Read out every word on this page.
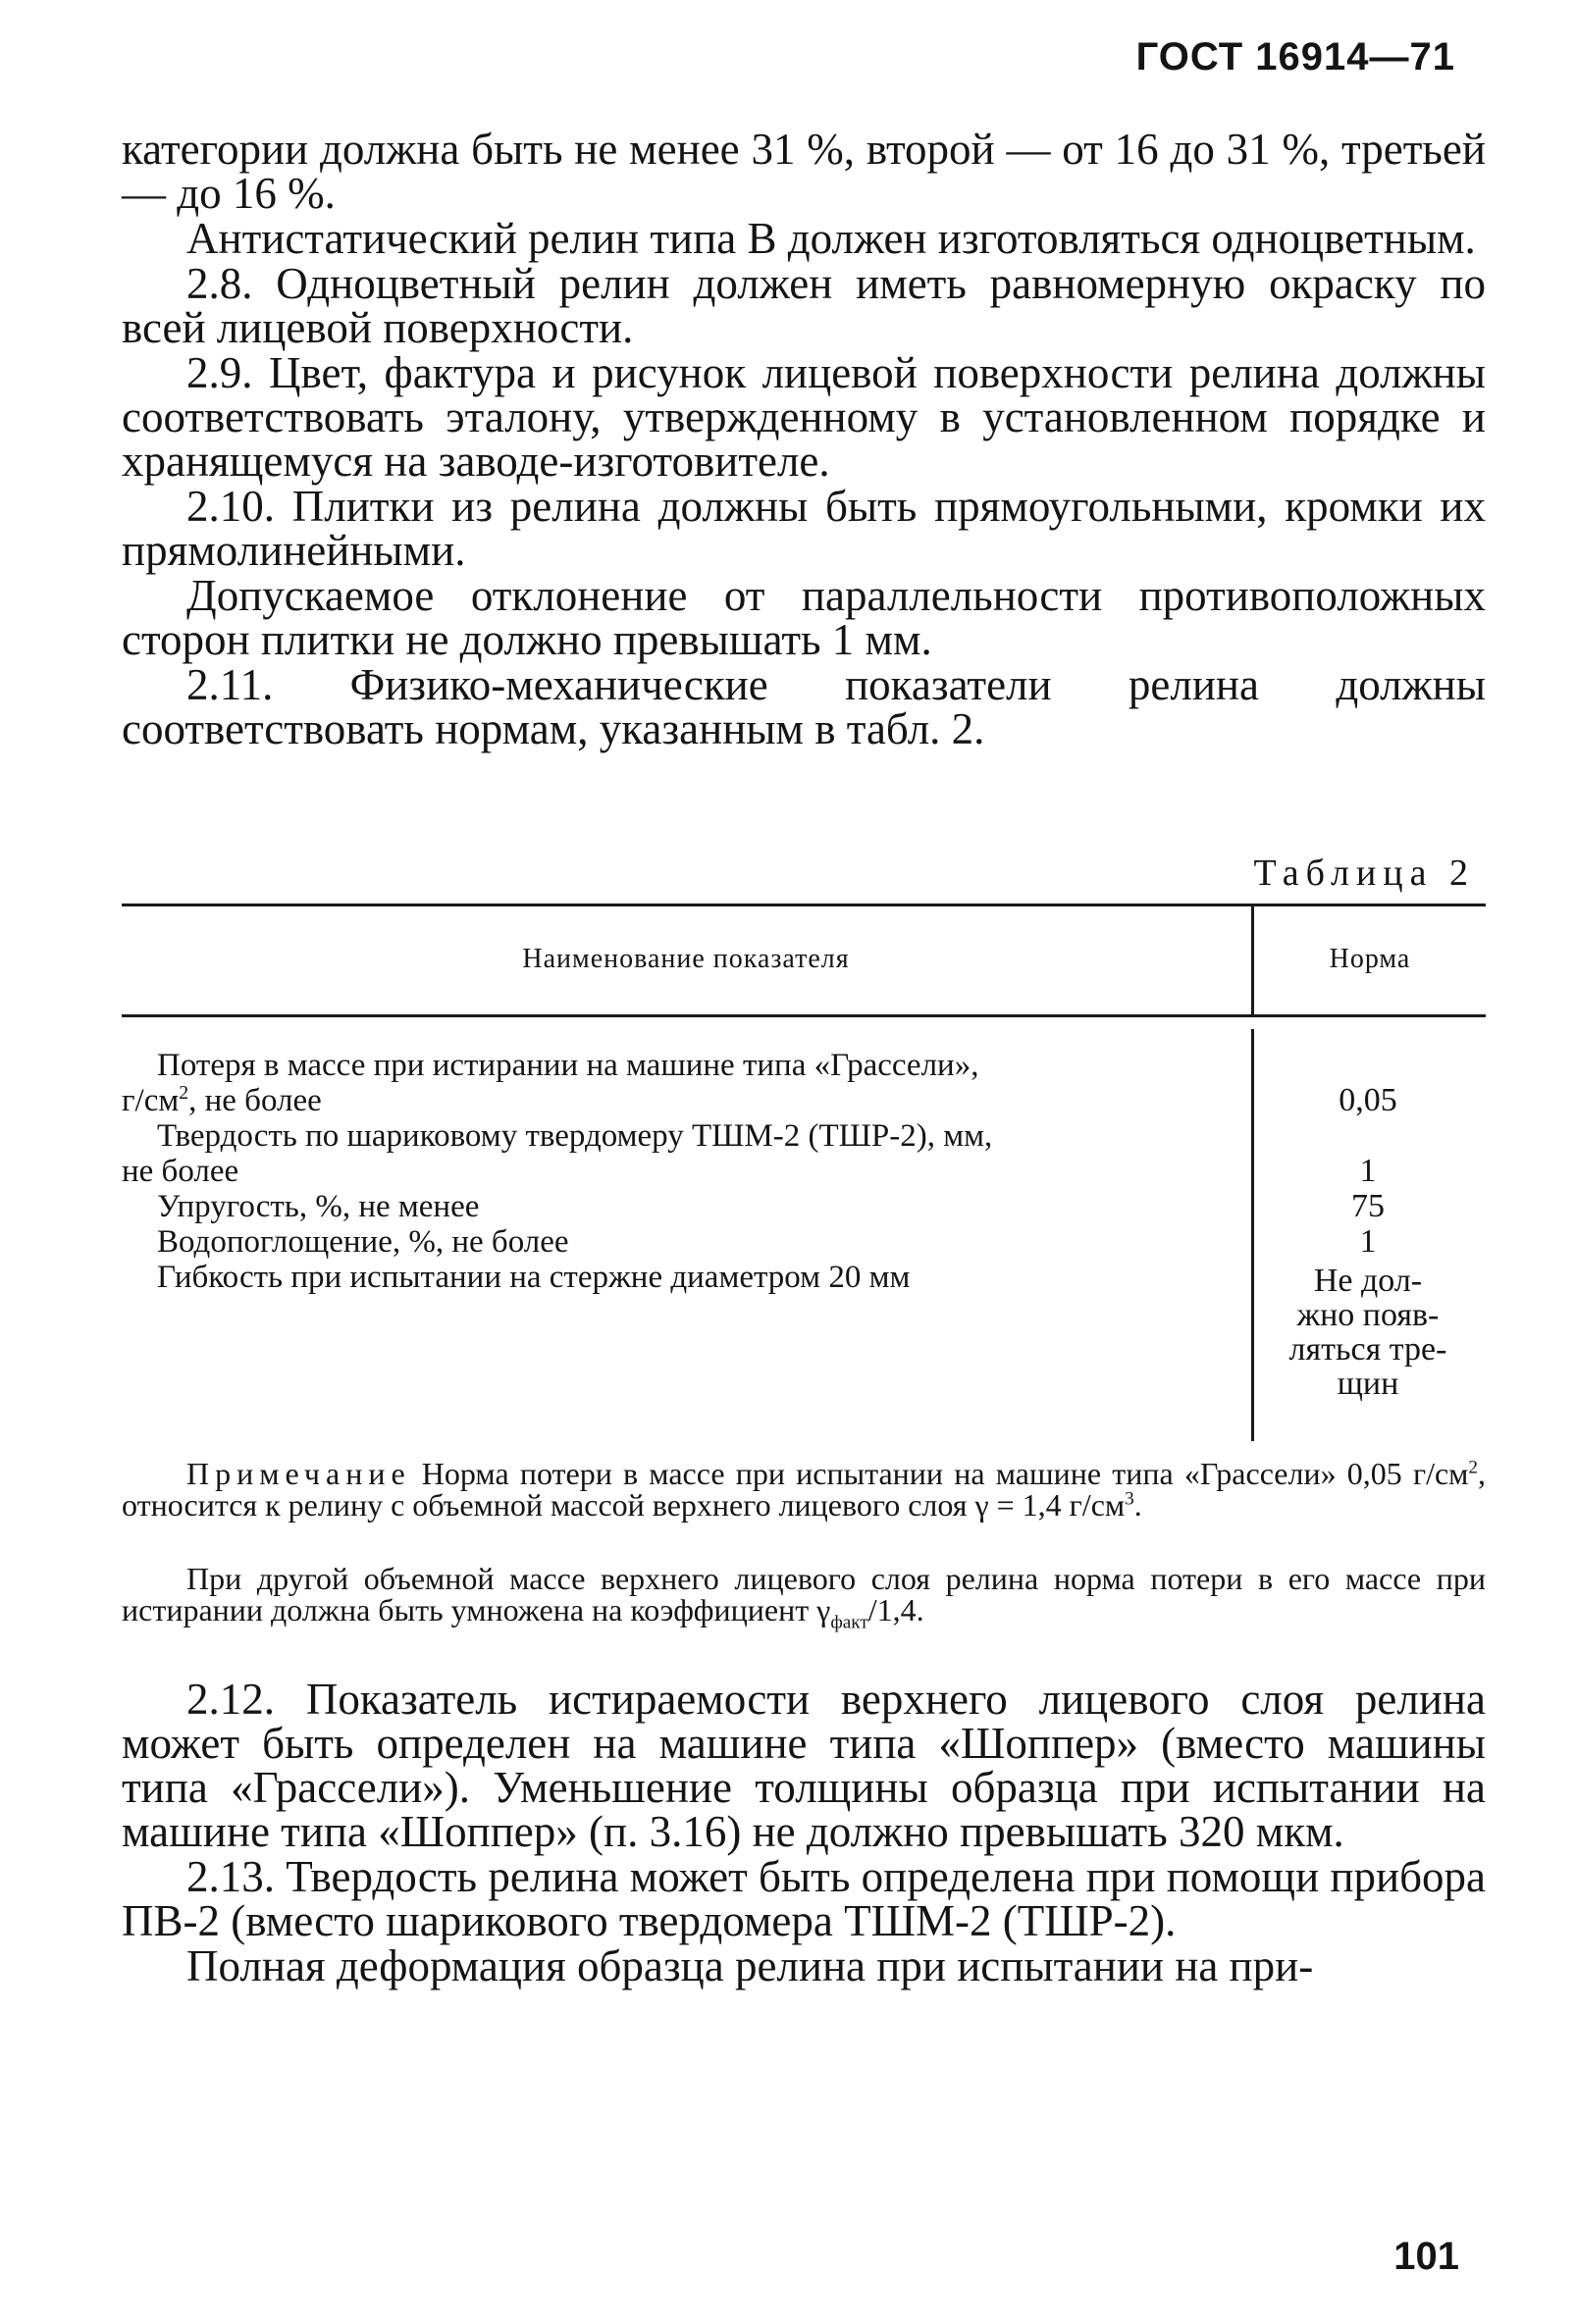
ГОСТ 16914—71

категории должна быть не менее 31 %, второй — от 16 до 31 %, третьей — до 16 %.

Антистатический релин типа В должен изготовляться одноцветным.

2.8. Одноцветный релин должен иметь равномерную окраску по всей лицевой поверхности.

2.9. Цвет, фактура и рисунок лицевой поверхности релина должны соответствовать эталону, утвержденному в установленном порядке и хранящемуся на заводе-изготовителе.

2.10. Плитки из релина должны быть прямоугольными, кромки их прямолинейными.

Допускаемое отклонение от параллельности противоположных сторон плитки не должно превышать 1 мм.

2.11. Физико-механические показатели релина должны соответствовать нормам, указанным в табл. 2.

Таблица 2
Наименование показателя	Норма
Потеря в массе при истирании на машине типа «Грассели»,
$г/см^2$, не более	0,05
Твердость по шариковому твердомеру ТШМ-2 (ТШР-2), мм,
не более	1
Упругость, %, не менее	75
Водопоглощение, %, не более	1
Гибкость при испытании на стержне диаметром 20 мм	Не дол-
жно появ-
ляться тре-
щин

Примечание Норма потери в массе при испытании на машине типа «Грассели» 0,05 $г/см^2$, относится к релину с объемной массой верхнего лицевого слоя γ = 1,4 $г/см^3$.

При другой объемной массе верхнего лицевого слоя релина норма потери в его массе при истирании должна быть умножена на коэффициент $\gamma_{факт}/1,4$.

2.12. Показатель истираемости верхнего лицевого слоя релина может быть определен на машине типа «Шоппер» (вместо машины типа «Грассели»). Уменьшение толщины образца при испытании на машине типа «Шоппер» (п. 3.16) не должно превышать 320 мкм.

2.13. Твердость релина может быть определена при помощи прибора ПВ-2 (вместо шарикового твердомера ТШМ-2 (ТШР-2).

Полная деформация образца релина при испытании на при-

101
